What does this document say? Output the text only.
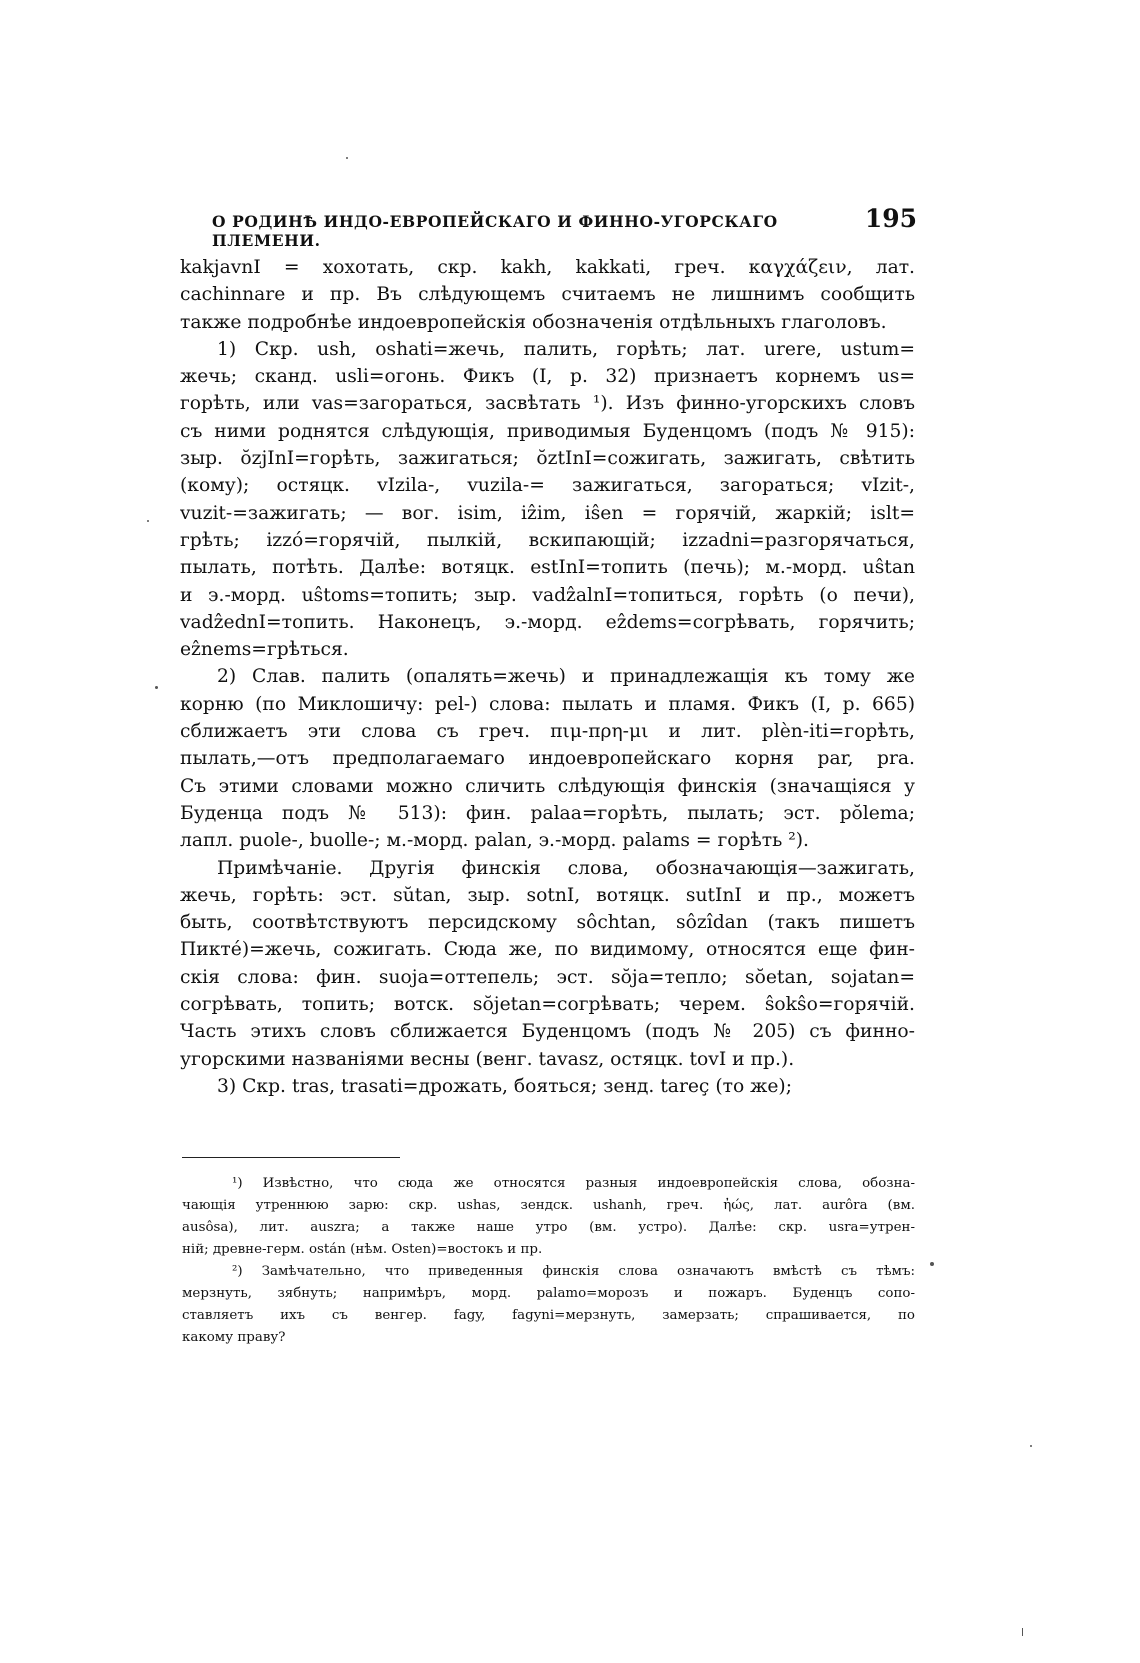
О РОДИНѢ ИНДО-ЕВРОПЕЙСКАГО И ФИННО-УГОРСКАГО ПЛЕМЕНИ.
195

kakjavnI = хохотать, скр. kakh, kakkati, греч. καγχάζειν, лат.

cachinnare и пр. Въ слѣдующемъ считаемъ не лишнимъ сообщить

также подробнѣе индоевропейскія обозначенія отдѣльныхъ глаголовъ.

1) Скр. ush, oshati=жечь, палить, горѣть; лат. urere, ustum=

жечь; сканд. usli=огонь. Фикъ (I, p. 32) признаетъ корнемъ us=

горѣть, или vas=загораться, засвѣтать ¹). Изъ финно-угорскихъ словъ

съ ними роднятся слѣдующія, приводимыя Буденцомъ (подъ № 915):

зыр. ŏzjInI=горѣть, зажигаться; ŏztInI=сожигать, зажигать, свѣтить

(кому); остяцк. vIzila-, vuzila-= зажигаться, загораться; vIzit-,

vuzit-=зажигать; — вог. isim, iẑim, iŝen = горячій, жаркій; islt=

грѣть; izzó=горячій, пылкій, вскипающій; izzadni=разгорячаться,

пылать, потѣть. Далѣе: вотяцк. estInI=топить (печь); м.-морд. uŝtan

и э.-морд. uŝtoms=топить; зыр. vadẑalnI=топиться, горѣть (о печи),

vadẑednI=топить. Наконецъ, э.-морд. eẑdems=согрѣвать, горячить;

eẑnems=грѣться.

2) Слав. палить (опалять=жечь) и принадлежащія къ тому же

корню (по Миклошичу: pel-) слова: пылать и пламя. Фикъ (I, p. 665)

сближаетъ эти слова съ греч. πιμ-πρη-μι и лит. plèn-iti=горѣть,

пылать,—отъ предполагаемаго индоевропейскаго корня par, pra.

Съ этими словами можно сличить слѣдующія финскія (значащіяся у

Буденца подъ № 513): фин. palaa=горѣть, пылать; эст. pŏlema;

лапл. puole-, buolle-; м.-морд. palan, э.-морд. palams = горѣть ²).

Примѣчаніе. Другія финскія слова, обозначающія—зажигать,

жечь, горѣть: эст. sŭtan, зыр. sotnI, вотяцк. sutInI и пр., можетъ

быть, соотвѣтствуютъ персидскому sôchtan, sôzîdan (такъ пишетъ

Пиктé)=жечь, сожигать. Сюда же, по видимому, относятся еще фин-

скія слова: фин. suoja=оттепель; эст. sŏja=тепло; sŏetan, sojatan=

согрѣвать, топить; вотск. sŏjetan=согрѣвать; черем. ŝokŝo=горячій.

Часть этихъ словъ сближается Буденцомъ (подъ № 205) съ финно-

угорскими названіями весны (венг. tavasz, остяцк. tovI и пр.).

3) Скр. tras, trasati=дрожать, бояться; зенд. tareç (то же);

¹) Извѣстно, что сюда же относятся разныя индоевропейскія слова, обозна-

чающія утреннюю зарю: скр. ushas, зендск. ushanh, греч. ἠώς, лат. aurôra (вм.

ausôsa), лит. auszra; а также наше утро (вм. устро). Далѣе: скр. usra=утрен-

ній; древне-герм. ostán (нѣм. Osten)=востокъ и пр.

²) Замѣчательно, что приведенныя финскія слова означаютъ вмѣстѣ съ тѣмъ:

мерзнуть, зябнуть; напримѣръ, морд. palamo=морозъ и пожаръ. Буденцъ сопо-

ставляетъ ихъ съ венгер. fagy, fagyni=мерзнуть, замерзать; спрашивается, по

какому праву?
